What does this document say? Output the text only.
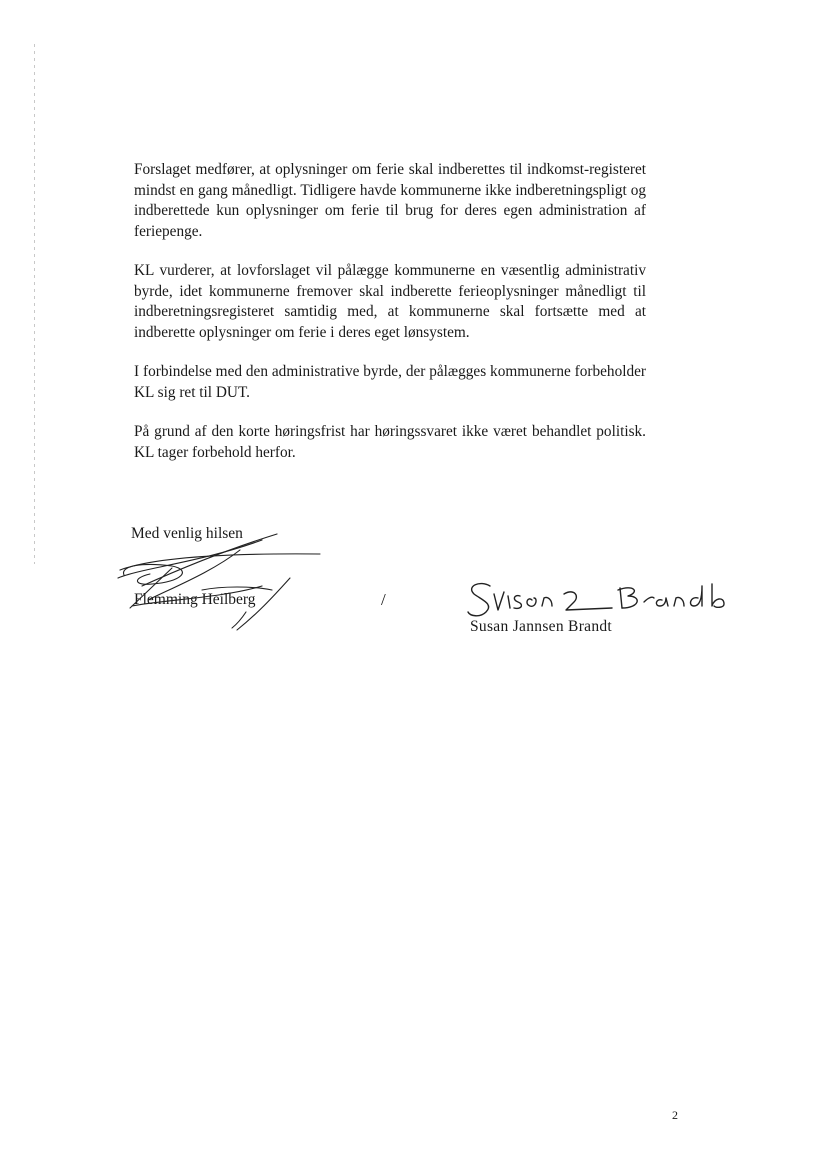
Forslaget medfører, at oplysninger om ferie skal indberettes til indkomst-registeret mindst en gang månedligt. Tidligere havde kommunerne ikke indberetningspligt og indberettede kun oplysninger om ferie til brug for deres egen administration af feriepenge.

KL vurderer, at lovforslaget vil pålægge kommunerne en væsentlig administrativ byrde, idet kommunerne fremover skal indberette ferieoplysninger månedligt til indberetningsregisteret samtidig med, at kommunerne skal fortsætte med at indberette oplysninger om ferie i deres eget lønsystem.

I forbindelse med den administrative byrde, der pålægges kommunerne forbeholder KL sig ret til DUT.

På grund af den korte høringsfrist har høringssvaret ikke været behandlet politisk. KL tager forbehold herfor.

Med venlig hilsen
Flemming Heilberg	/
Susan Jannsen Brandt
2
